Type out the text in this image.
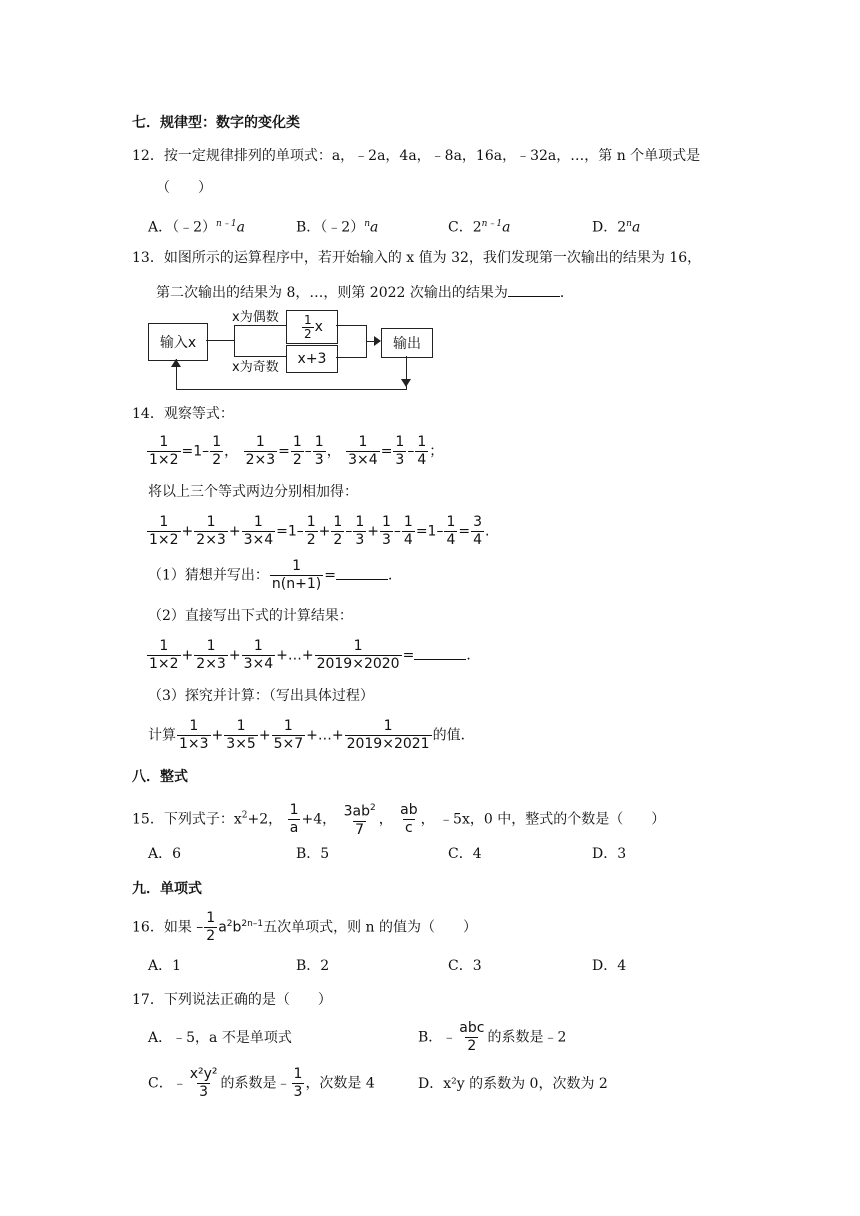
七．规律型：数字的变化类
12．按一定规律排列的单项式：a，﹣2a，4a，﹣8a，16a，﹣32a，…，第 n 个单项式是
（　　）
A．（﹣2）$^{n﹣1}$a	B．（﹣2）$^n$a	C．$2^{n﹣1}a$	D．2$^n$a
13．如图所示的运算程序中，若开始输入的 x 值为 32，我们发现第一次输出的结果为 16，
第二次输出的结果为 8，…，则第 2022 次输出的结果为	．
输入x
$\frac{1}{2}$ x
x+3
输出
x为偶数
x为奇数
14．观察等式：
$\frac{1}{1\times 2} =1- \frac{1}{2}$ ， $\frac{1}{2\times 3} = \frac{1}{2} - \frac{1}{3}$ ， $\frac{1}{3\times 4} = \frac{1}{3} - \frac{1}{4}$ ；
将以上三个等式两边分别相加得：
$\frac{1}{1\times 2} + \frac{1}{2\times 3} + \frac{1}{3\times 4} =1- \frac{1}{2} + \frac{1}{2} - \frac{1}{3} + \frac{1}{3} - \frac{1}{4} =1- \frac{1}{4} = \frac{3}{4}$ .
（1）猜想并写出： $\frac{1}{n(n+1)}$ =	．
（2）直接写出下式的计算结果：
$\frac{1}{1\times 2} + \frac{1}{2\times 3} + \frac{1}{3\times 4}$ +…+ $\frac{1}{2019\times 2020}$ =	．
（3）探究并计算：（写出具体过程）
计算 $\frac{1}{1\times 3} + \frac{1}{3\times 5} + \frac{1}{5\times 7}$ +…+ $\frac{1}{2019\times 2021}$ 的值．
八．整式
15．下列式子：$x^2+2$， $\frac{1}{a} +4$， $\frac{3ab^2}{7}$ ， $\frac{ab}{c}$ ， ﹣5x，0 中，整式的个数是（　　）
A．6	B．5	C．4	D．3
九．单项式
16．如果 – $\frac{1}{2} a^2b^{2n-1}$五次单项式，则 n 的值为（　　）
A．1	B．2	C．3	D．4
17．下列说法正确的是（　　）
A．﹣5，a 不是单项式	B．﹣ $\frac{\text{abc}}{2}$ 的系数是﹣2
C．﹣ $\frac{\text{x²y²}}{3}$ 的系数是﹣ $\frac{1}{3}$ ，次数是 4	D．x²y 的系数为 0，次数为 2
